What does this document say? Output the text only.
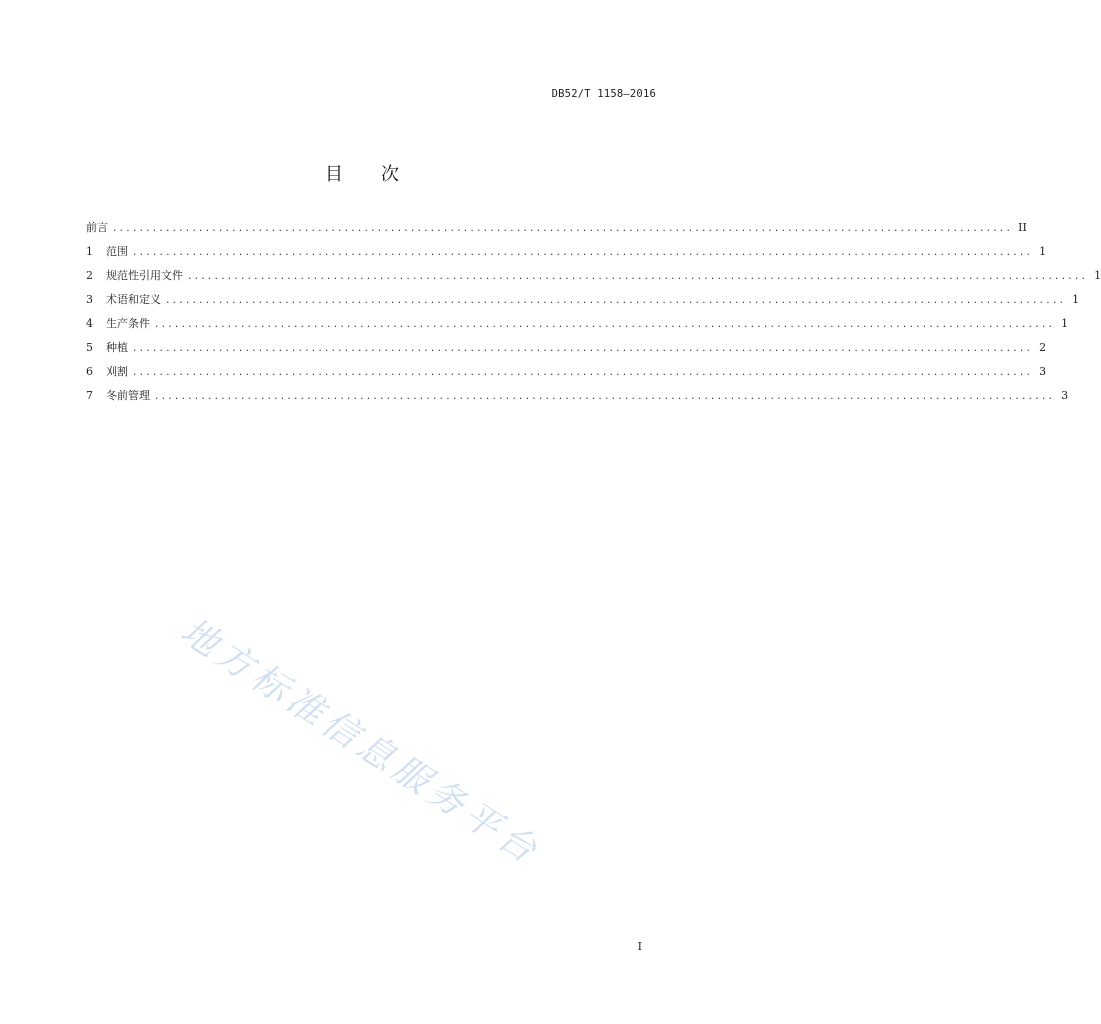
DB52/T 1158—2016
目 次
前言 ........................................................................................................................................ II
1	范围 ........................................................................................................................................ 1
2	规范性引用文件 ........................................................................................................................................ 1
3	术语和定义 ........................................................................................................................................ 1
4	生产条件 ........................................................................................................................................ 1
5	种植 ........................................................................................................................................ 2
6	刈割 ........................................................................................................................................ 3
7	冬前管理 ........................................................................................................................................ 3
地方标准信息服务平台
I
